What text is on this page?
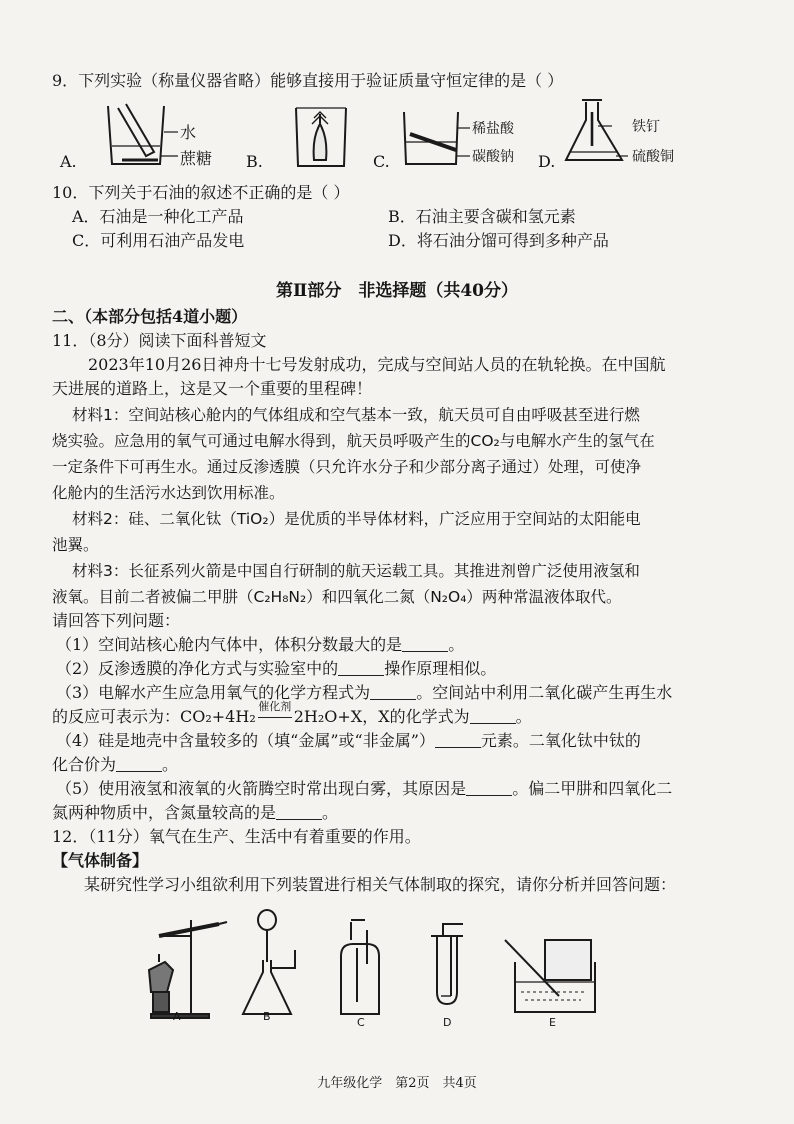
9．下列实验（称量仪器省略）能够直接用于验证质量守恒定律的是（ ）
A.
水
蔗糖 B.	C.
稀盐酸
碳酸钠 D.
铁钉
硫酸铜
10．下列关于石油的叙述不正确的是（ ）
A．石油是一种化工产品	B．石油主要含碳和氢元素
C．可利用石油产品发电	D．将石油分馏可得到多种产品
第Ⅱ部分　非选择题（共40分）
二、（本部分包括4道小题）
11．（8分）阅读下面科普短文
2023年10月26日神舟十七号发射成功，完成与空间站人员的在轨轮换。在中国航
天进展的道路上，这是又一个重要的里程碑！
材料1：空间站核心舱内的气体组成和空气基本一致，航天员可自由呼吸甚至进行燃
烧实验。应急用的氧气可通过电解水得到，航天员呼吸产生的CO₂与电解水产生的氢气在
一定条件下可再生水。通过反渗透膜（只允许水分子和少部分离子通过）处理，可使净
化舱内的生活污水达到饮用标准。
材料2：硅、二氧化钛（TiO₂）是优质的半导体材料，广泛应用于空间站的太阳能电
池翼。
材料3：长征系列火箭是中国自行研制的航天运载工具。其推进剂曾广泛使用液氢和
液氧。目前二者被偏二甲肼（C₂H₈N₂）和四氧化二氮（N₂O₄）两种常温液体取代。
请回答下列问题：
（1）空间站核心舱内气体中，体积分数最大的是	。
（2）反渗透膜的净化方式与实验室中的	操作原理相似。
（3）电解水产生应急用氧气的化学方程式为	。空间站中利用二氧化碳产生再生水
的反应可表示为：CO₂+4H₂
催化剂
2H₂O+X，X的化学式为	。
（4）硅是地壳中含量较多的（填“金属”或“非金属”）	元素。二氧化钛中钛的
化合价为	。
（5）使用液氢和液氧的火箭腾空时常出现白雾，其原因是	。偏二甲肼和四氧化二
氮两种物质中，含氮量较高的是	。
12．（11分）氧气在生产、生活中有着重要的作用。
【气体制备】
某研究性学习小组欲利用下列装置进行相关气体制取的探究，请你分析并回答问题：
A	B	C	D	E
九年级化学　第2页　共4页
